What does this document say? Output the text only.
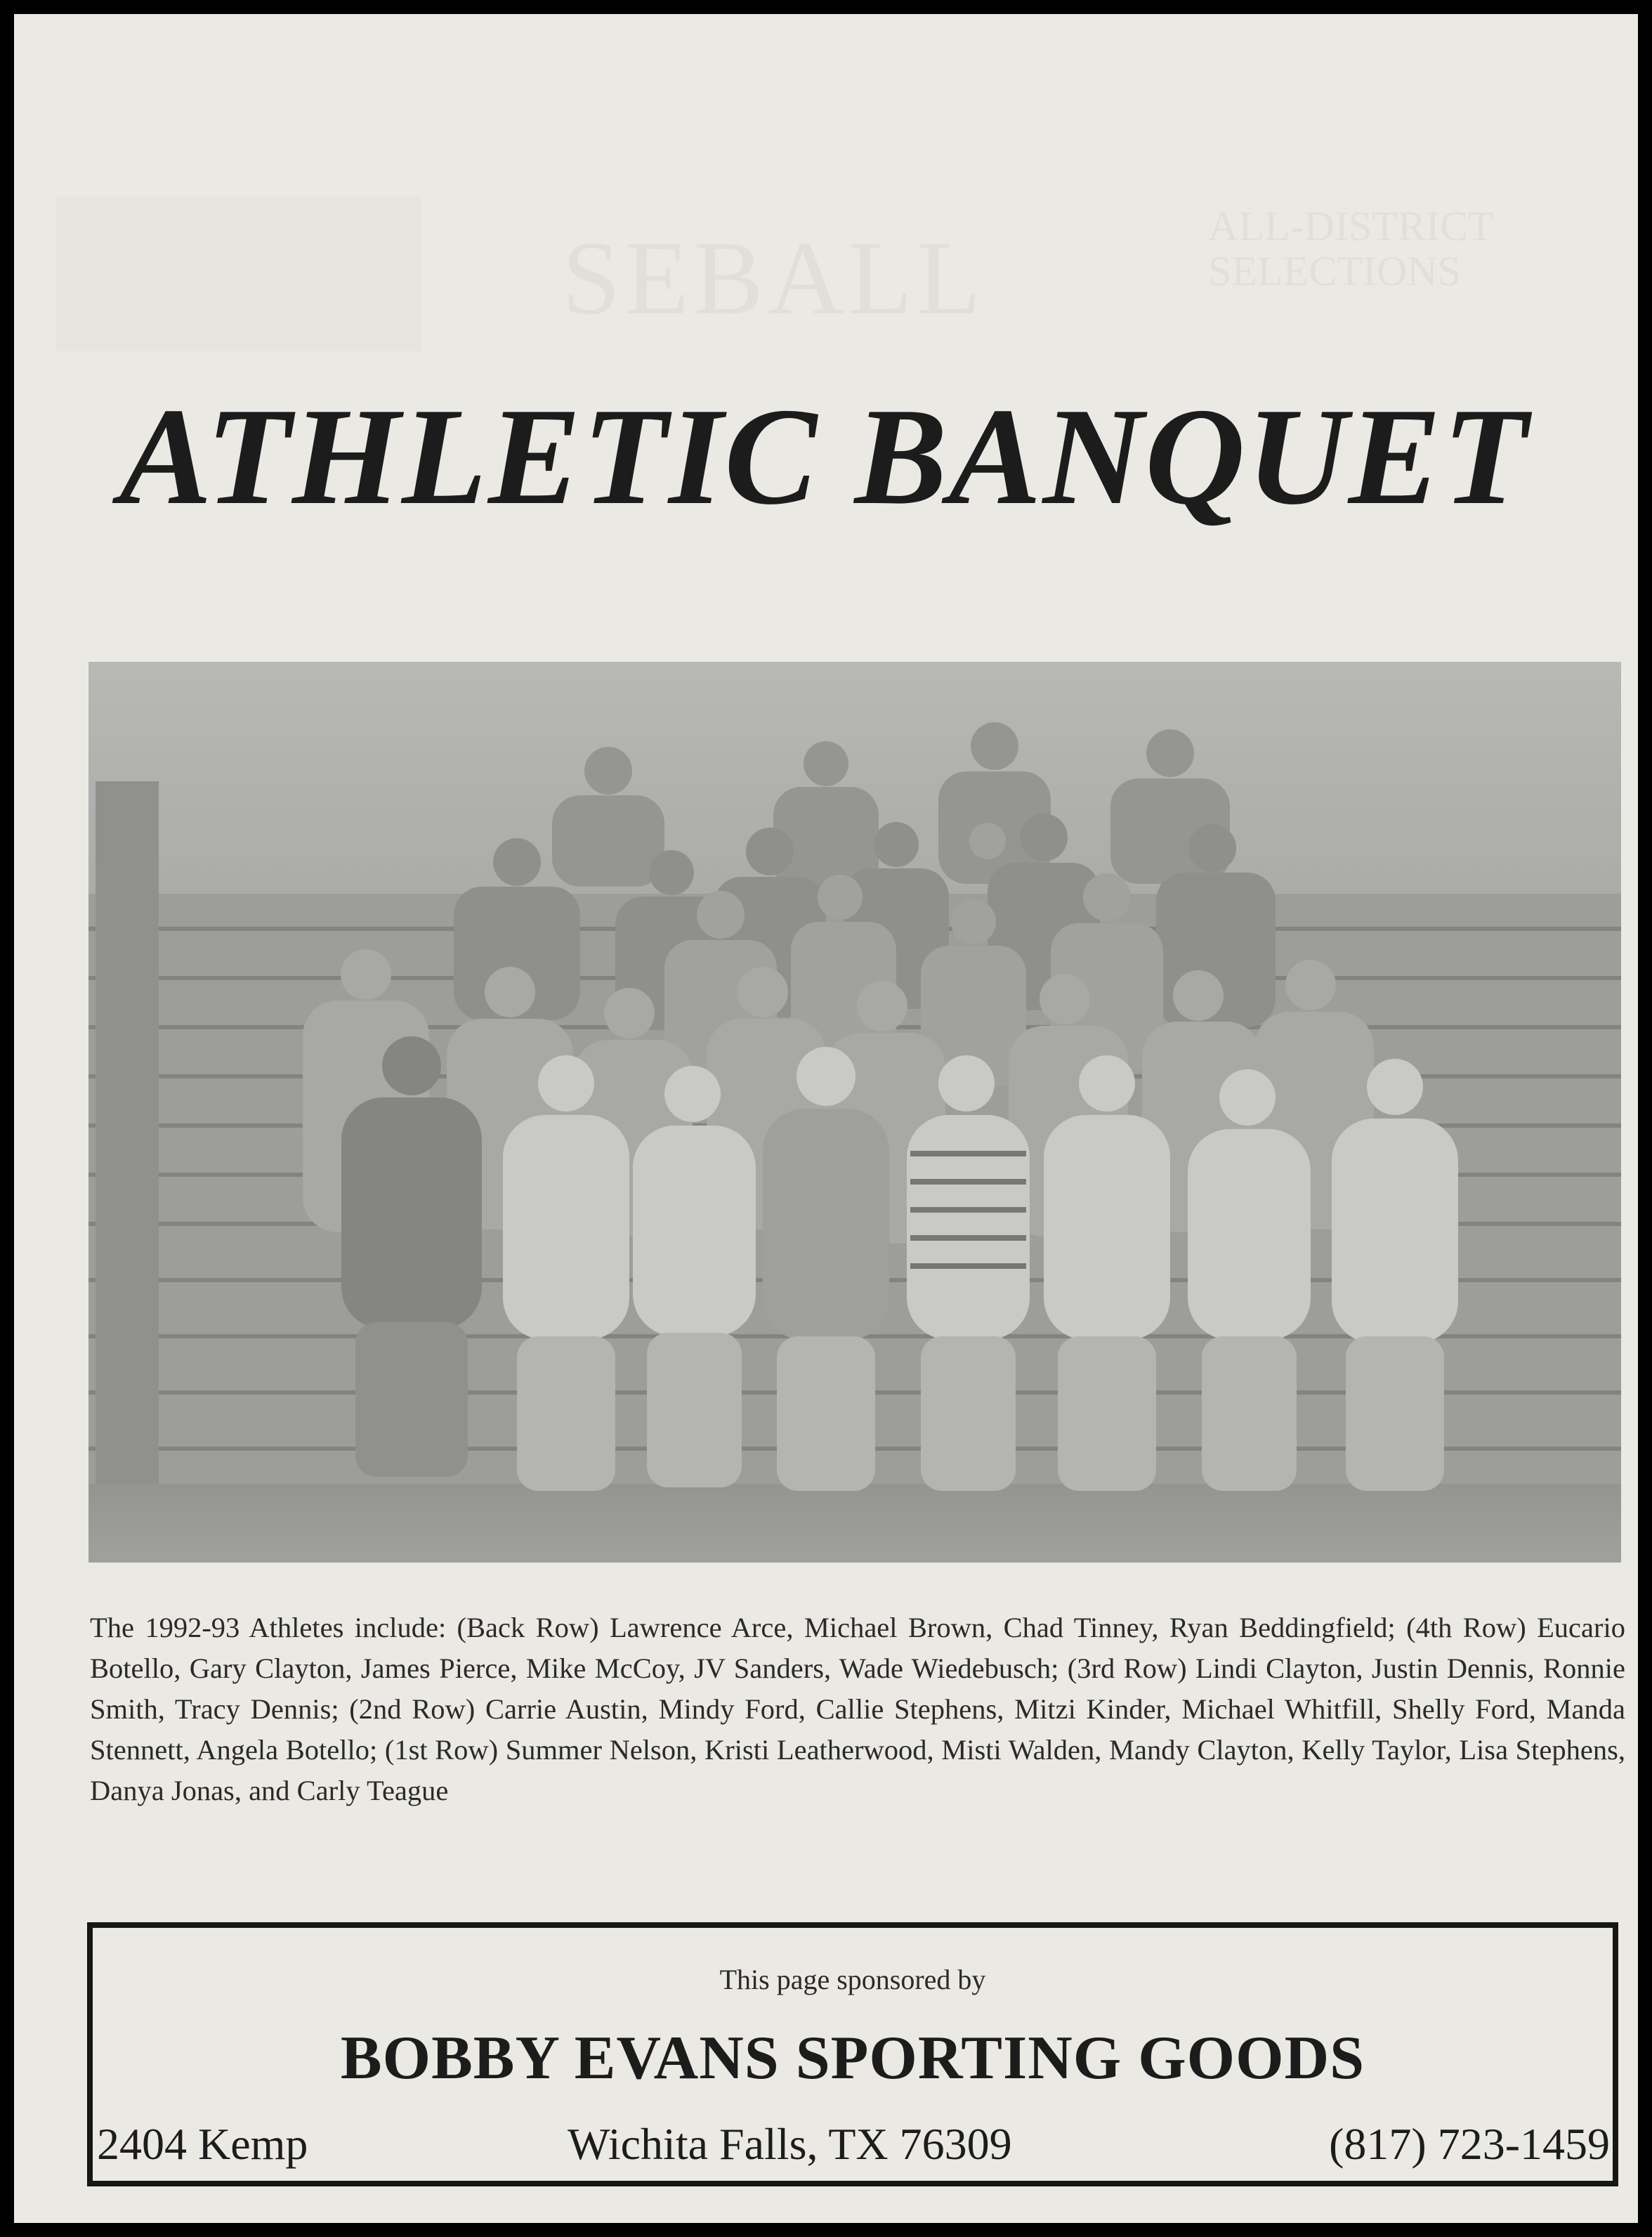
SEBALL	ALL-DISTRICT
SELECTIONS
ATHLETIC BANQUET

The 1992-93 Athletes include: (Back Row) Lawrence Arce, Michael Brown, Chad Tinney, Ryan Beddingfield; (4th Row) Eucario Botello, Gary Clayton, James Pierce, Mike McCoy, JV Sanders, Wade Wiedebusch; (3rd Row) Lindi Clayton, Justin Dennis, Ronnie Smith, Tracy Dennis; (2nd Row) Carrie Austin, Mindy Ford, Callie Stephens, Mitzi Kinder, Michael Whitfill, Shelly Ford, Manda Stennett, Angela Botello; (1st Row) Summer Nelson, Kristi Leatherwood, Misti Walden, Mandy Clayton, Kelly Taylor, Lisa Stephens, Danya Jonas, and Carly Teague

This page sponsored by
BOBBY EVANS SPORTING GOODS
2404 Kemp	Wichita Falls, TX 76309	(817) 723-1459
